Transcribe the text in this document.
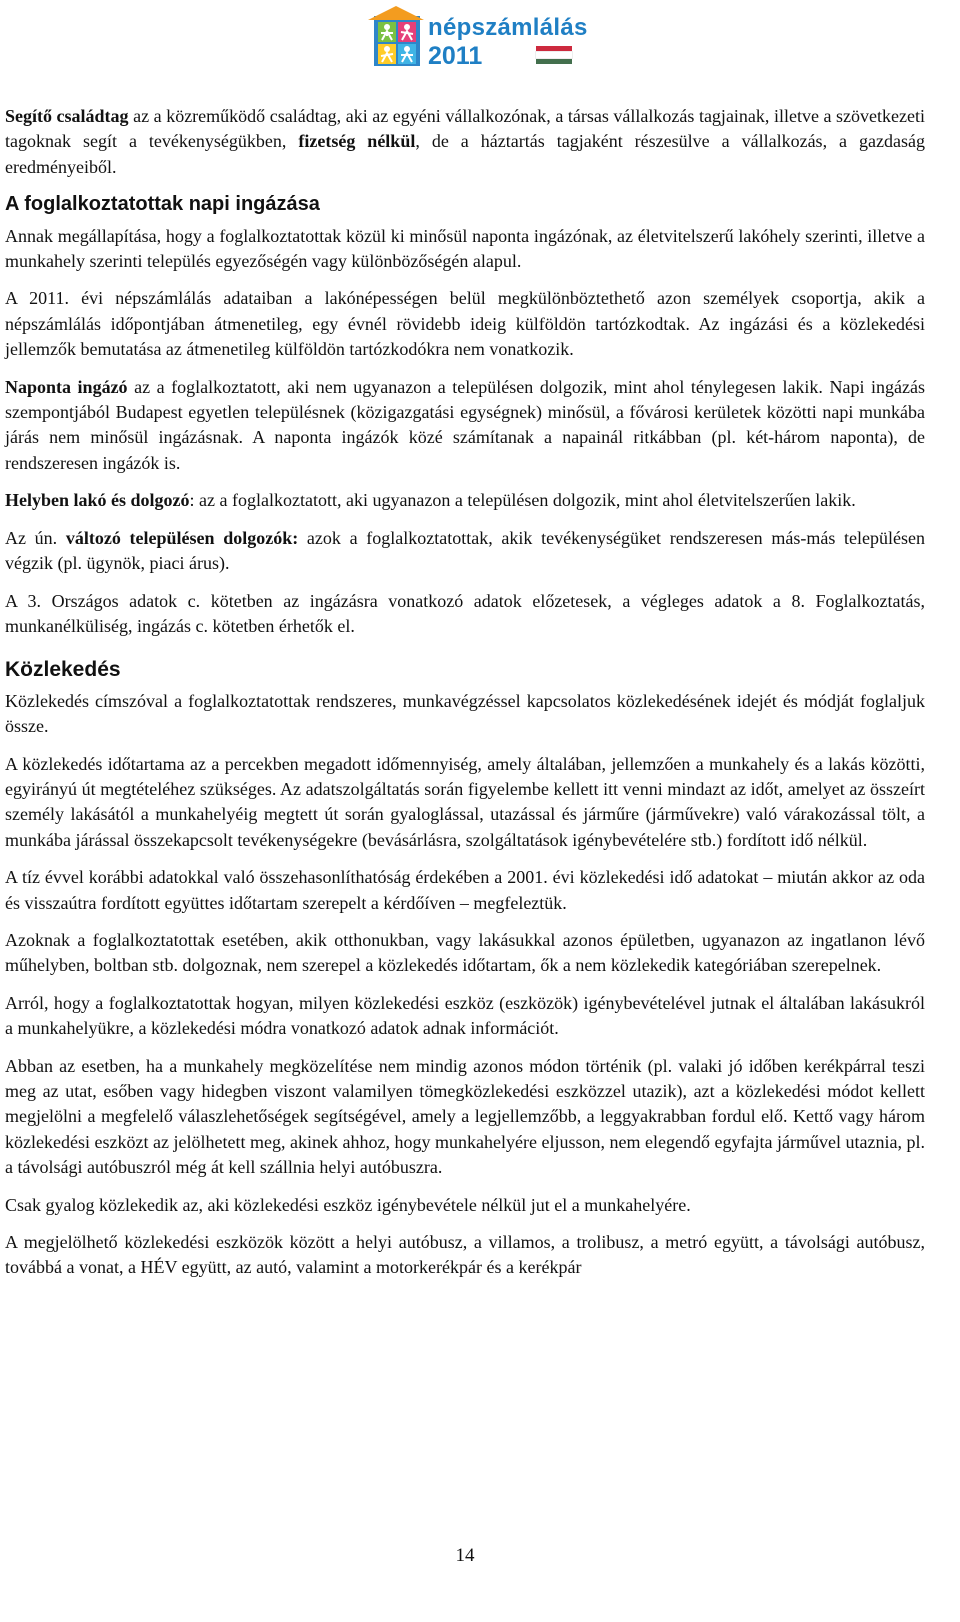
népszámlálás
2011

Segítő családtag az a közreműködő családtag, aki az egyéni vállalkozónak, a társas vállalkozás tagjainak, illetve a szövetkezeti tagoknak segít a tevékenységükben, fizetség nélkül, de a háztartás tagjaként részesülve a vállalkozás, a gazdaság eredményeiből.

A foglalkoztatottak napi ingázása

Annak megállapítása, hogy a foglalkoztatottak közül ki minősül naponta ingázónak, az életvitelszerű lakóhely szerinti, illetve a munkahely szerinti település egyezőségén vagy különbözőségén alapul.

A 2011. évi népszámlálás adataiban a lakónépességen belül megkülönböztethető azon személyek csoportja, akik a népszámlálás időpontjában átmenetileg, egy évnél rövidebb ideig külföldön tartózkodtak. Az ingázási és a közlekedési jellemzők bemutatása az átmenetileg külföldön tartózkodókra nem vonatkozik.

Naponta ingázó az a foglalkoztatott, aki nem ugyanazon a településen dolgozik, mint ahol ténylegesen lakik. Napi ingázás szempontjából Budapest egyetlen településnek (közigazgatási egységnek) minősül, a fővárosi kerületek közötti napi munkába járás nem minősül ingázásnak. A naponta ingázók közé számítanak a napainál ritkábban (pl. két-három naponta), de rendszeresen ingázók is.

Helyben lakó és dolgozó: az a foglalkoztatott, aki ugyanazon a településen dolgozik, mint ahol életvitelszerűen lakik.

Az ún. változó településen dolgozók: azok a foglalkoztatottak, akik tevékenységüket rendszeresen más-más településen végzik (pl. ügynök, piaci árus).

A 3. Országos adatok c. kötetben az ingázásra vonatkozó adatok előzetesek, a végleges adatok a 8. Foglalkoztatás, munkanélküliség, ingázás c. kötetben érhetők el.

Közlekedés

Közlekedés címszóval a foglalkoztatottak rendszeres, munkavégzéssel kapcsolatos közlekedésének idejét és módját foglaljuk össze.

A közlekedés időtartama az a percekben megadott időmennyiség, amely általában, jellemzően a munkahely és a lakás közötti, egyirányú út megtételéhez szükséges. Az adatszolgáltatás során figyelembe kellett itt venni mindazt az időt, amelyet az összeírt személy lakásától a munkahelyéig megtett út során gyaloglással, utazással és járműre (járművekre) való várakozással tölt, a munkába járással összekapcsolt tevékenységekre (bevásárlásra, szolgáltatások igénybevételére stb.) fordított idő nélkül.

A tíz évvel korábbi adatokkal való összehasonlíthatóság érdekében a 2001. évi közlekedési idő adatokat – miután akkor az oda és visszaútra fordított együttes időtartam szerepelt a kérdőíven – megfeleztük.

Azoknak a foglalkoztatottak esetében, akik otthonukban, vagy lakásukkal azonos épületben, ugyanazon az ingatlanon lévő műhelyben, boltban stb. dolgoznak, nem szerepel a közlekedés időtartam, ők a nem közlekedik kategóriában szerepelnek.

Arról, hogy a foglalkoztatottak hogyan, milyen közlekedési eszköz (eszközök) igénybevételével jutnak el általában lakásukról a munkahelyükre, a közlekedési módra vonatkozó adatok adnak információt.

Abban az esetben, ha a munkahely megközelítése nem mindig azonos módon történik (pl. valaki jó időben kerékpárral teszi meg az utat, esőben vagy hidegben viszont valamilyen tömegközlekedési eszközzel utazik), azt a közlekedési módot kellett megjelölni a megfelelő válaszlehetőségek segítségével, amely a legjellemzőbb, a leggyakrabban fordul elő. Kettő vagy három közlekedési eszközt az jelölhetett meg, akinek ahhoz, hogy munkahelyére eljusson, nem elegendő egyfajta járművel utaznia, pl. a távolsági autóbuszról még át kell szállnia helyi autóbuszra.

Csak gyalog közlekedik az, aki közlekedési eszköz igénybevétele nélkül jut el a munkahelyére.

A megjelölhető közlekedési eszközök között a helyi autóbusz, a villamos, a trolibusz, a metró együtt, a távolsági autóbusz, továbbá a vonat, a HÉV együtt, az autó, valamint a motorkerékpár és a kerékpár

14
